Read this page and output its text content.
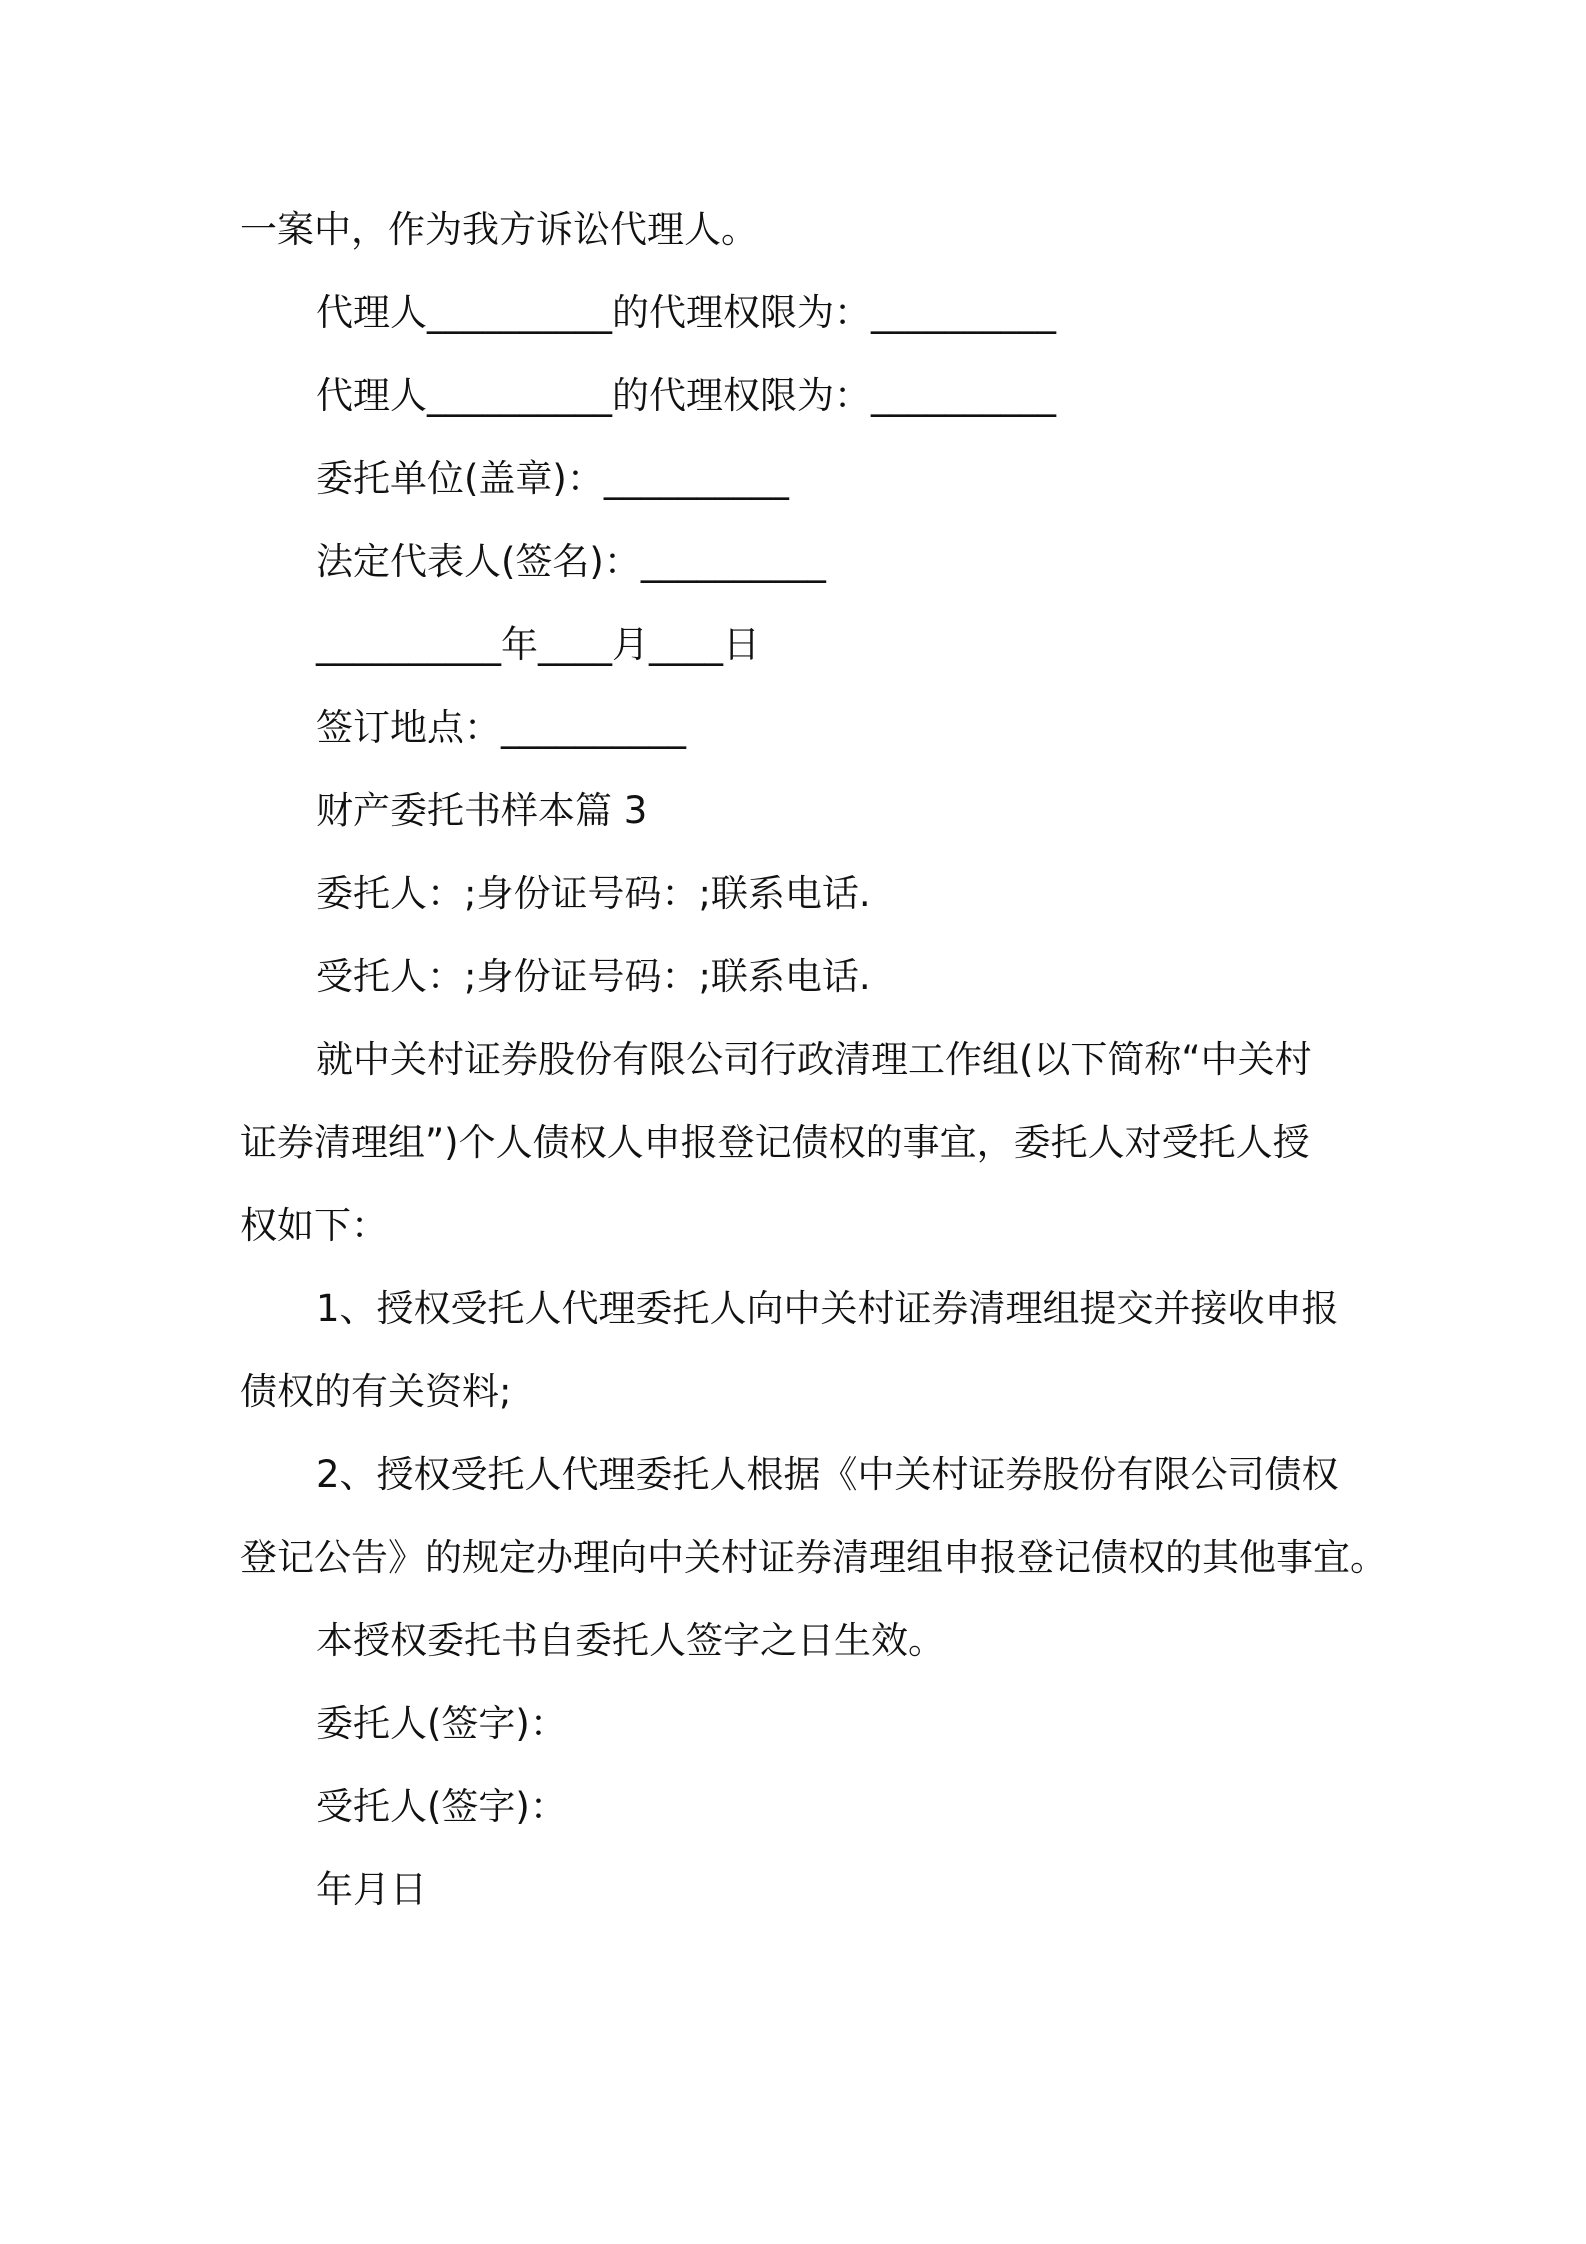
一案中，作为我方诉讼代理人。
代理人__________的代理权限为：__________
代理人__________的代理权限为：__________
委托单位(盖章)：__________
法定代表人(签名)：__________
__________年____月____日
签订地点：__________
财产委托书样本篇 3
委托人：;身份证号码：;联系电话.
受托人：;身份证号码：;联系电话.
就中关村证券股份有限公司行政清理工作组(以下简称“中关村
证券清理组”)个人债权人申报登记债权的事宜，委托人对受托人授
权如下：
1、授权受托人代理委托人向中关村证券清理组提交并接收申报
债权的有关资料;
2、授权受托人代理委托人根据《中关村证券股份有限公司债权
登记公告》的规定办理向中关村证券清理组申报登记债权的其他事宜。
本授权委托书自委托人签字之日生效。
委托人(签字)：
受托人(签字)：
年月日
